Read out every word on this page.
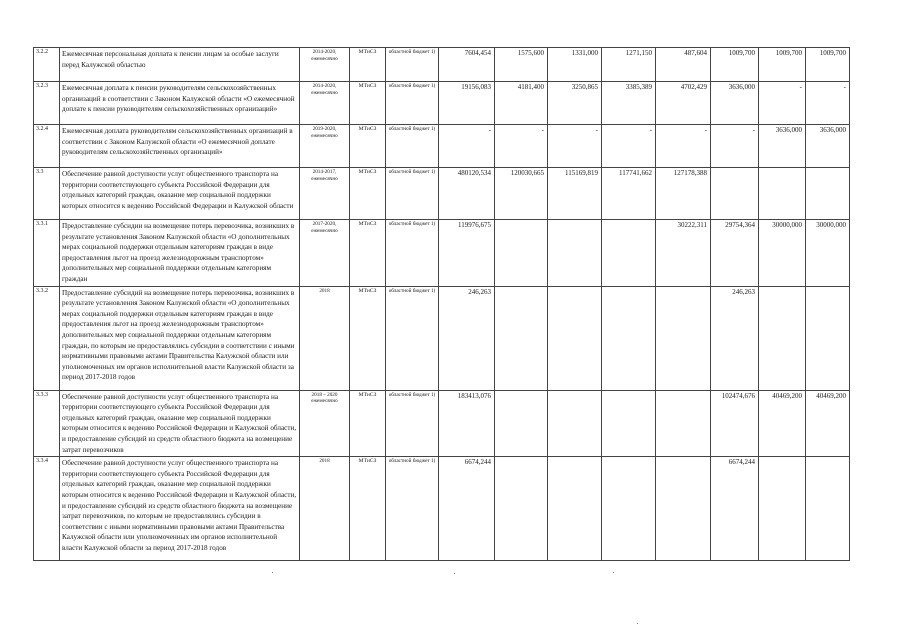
3.2.2	Ежемесячная персональная доплата к пенсии лицам за особые заслуги перед Калужской областью	2014-2020, ежемесячно	МТиСЗ	областной бюджет 1)	7604,454	1575,600	1331,000	1271,150	487,604	1009,700	1009,700	1009,700
3.2.3	Ежемесячная доплата к пенсии руководителям сельскохозяйственных организаций в соответствии с Законом Калужской области «О ежемесячной доплате к пенсии руководителям сельскохозяйственных организаций»	2014-2020, ежемесячно	МТиСЗ	областной бюджет 1)	19156,083	4181,400	3250,865	3385,389	4702,429	3636,000	-	-
3.2.4	Ежемесячная доплата руководителям сельскохозяйственных организаций в соответствии с Законом Калужской области «О ежемесячной доплате руководителям сельскохозяйственных организаций»	2019-2020, ежемесячно	МТиСЗ	областной бюджет 1)	-	-	-	-	-	-	3636,000	3636,000
3.3	Обеспечение равной доступности услуг общественного транспорта на территории соответствующего субъекта Российской Федерации для отдельных категорий граждан, оказание мер социальной поддержки которых относится к ведению Российской Федерации и Калужской области	2014-2017, ежемесячно	МТиСЗ	областной бюджет 1)	480120,534	120030,665	115169,819	117741,662	127178,388			
3.3.1	Предоставление субсидии на возмещение потерь перевозчика, возникших в результате установления Законом Калужской области «О дополнительных мерах социальной поддержки отдельным категориям граждан в виде предоставления льгот на проезд железнодорожным транспортом» дополнительных мер социальной поддержки отдельным категориям граждан	2017-2020, ежемесячно	МТиСЗ	областной бюджет 1)	119976,675				30222,311	29754,364	30000,000	30000,000
3.3.2	Предоставление субсидий на возмещение потерь перевозчика, возникших в результате установления Законом Калужской области «О дополнительных мерах социальной поддержки отдельным категориям граждан в виде предоставления льгот на проезд железнодорожным транспортом» дополнительных мер социальной поддержки отдельным категориям граждан, по которым не предоставлялись субсидии в соответствии с иными нормативными правовыми актами Правительства Калужской области или уполномоченных им органов исполнительной власти Калужской области за период 2017-2018 годов	2018	МТиСЗ	областной бюджет 1)	246,263					246,263		
3.3.3	Обеспечение равной доступности услуг общественного транспорта на территории соответствующего субъекта Российской Федерации для отдельных категорий граждан, оказание мер социальной поддержки которым относится к ведению Российской Федерации и Калужской области, и предоставление субсидий из средств областного бюджета на возмещение затрат перевозчиков	2018 – 2020 ежемесячно	МТиСЗ	областной бюджет 1)	183413,076					102474,676	40469,200	40469,200
3.3.4	Обеспечение равной доступности услуг общественного транспорта на территории соответствующего субъекта Российской Федерации для отдельных категорий граждан, оказание мер социальной поддержки которым относится к ведению Российской Федерации и Калужской области, и предоставление субсидий из средств областного бюджета на возмещение затрат перевозчиков, по которым не предоставлялись субсидии в соответствии с иными нормативными правовыми актами Правительства Калужской области или уполномоченных им органов исполнительной власти Калужской области за период 2017-2018 годов	2018	МТиСЗ	областной бюджет 1)	6674,244					6674,244		
